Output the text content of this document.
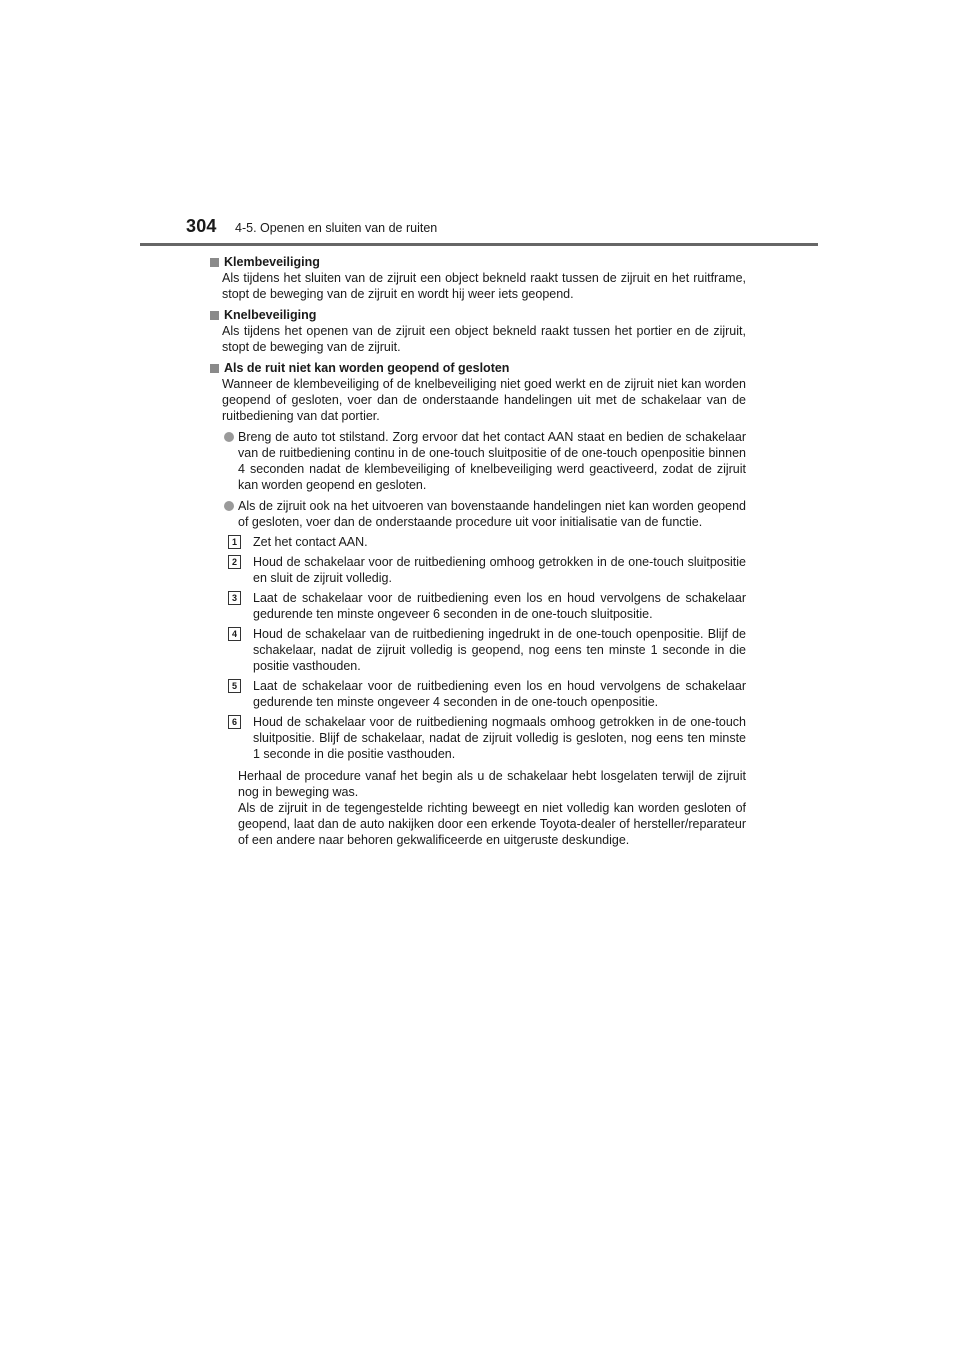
304 4-5. Openen en sluiten van de ruiten
Klembeveiliging
Als tijdens het sluiten van de zijruit een object bekneld raakt tussen de zijruit en het ruitframe, stopt de beweging van de zijruit en wordt hij weer iets geopend.
Knelbeveiliging
Als tijdens het openen van de zijruit een object bekneld raakt tussen het portier en de zijruit, stopt de beweging van de zijruit.
Als de ruit niet kan worden geopend of gesloten
Wanneer de klembeveiliging of de knelbeveiliging niet goed werkt en de zijruit niet kan worden geopend of gesloten, voer dan de onderstaande handelingen uit met de schakelaar van de ruitbediening van dat portier.
Breng de auto tot stilstand. Zorg ervoor dat het contact AAN staat en bedien de schakelaar van de ruitbediening continu in de one-touch sluitpositie of de one-touch openpositie binnen 4 seconden nadat de klembeveiliging of knelbeveiliging werd geactiveerd, zodat de zijruit kan worden geopend en gesloten.
Als de zijruit ook na het uitvoeren van bovenstaande handelingen niet kan worden geopend of gesloten, voer dan de onderstaande procedure uit voor initialisatie van de functie.
1	Zet het contact AAN.
2	Houd de schakelaar voor de ruitbediening omhoog getrokken in de one-touch sluitpositie en sluit de zijruit volledig.
3	Laat de schakelaar voor de ruitbediening even los en houd vervolgens de schakelaar gedurende ten minste ongeveer 6 seconden in de one-touch sluitpositie.
4	Houd de schakelaar van de ruitbediening ingedrukt in de one-touch openpositie. Blijf de schakelaar, nadat de zijruit volledig is geopend, nog eens ten minste 1 seconde in die positie vasthouden.
5	Laat de schakelaar voor de ruitbediening even los en houd vervolgens de schakelaar gedurende ten minste ongeveer 4 seconden in de one-touch openpositie.
6	Houd de schakelaar voor de ruitbediening nogmaals omhoog getrokken in de one-touch sluitpositie. Blijf de schakelaar, nadat de zijruit volledig is gesloten, nog eens ten minste 1 seconde in die positie vasthouden.
Herhaal de procedure vanaf het begin als u de schakelaar hebt losgelaten terwijl de zijruit nog in beweging was.
Als de zijruit in de tegengestelde richting beweegt en niet volledig kan worden gesloten of geopend, laat dan de auto nakijken door een erkende Toyota-dealer of hersteller/reparateur of een andere naar behoren gekwalificeerde en uitgeruste deskundige.
